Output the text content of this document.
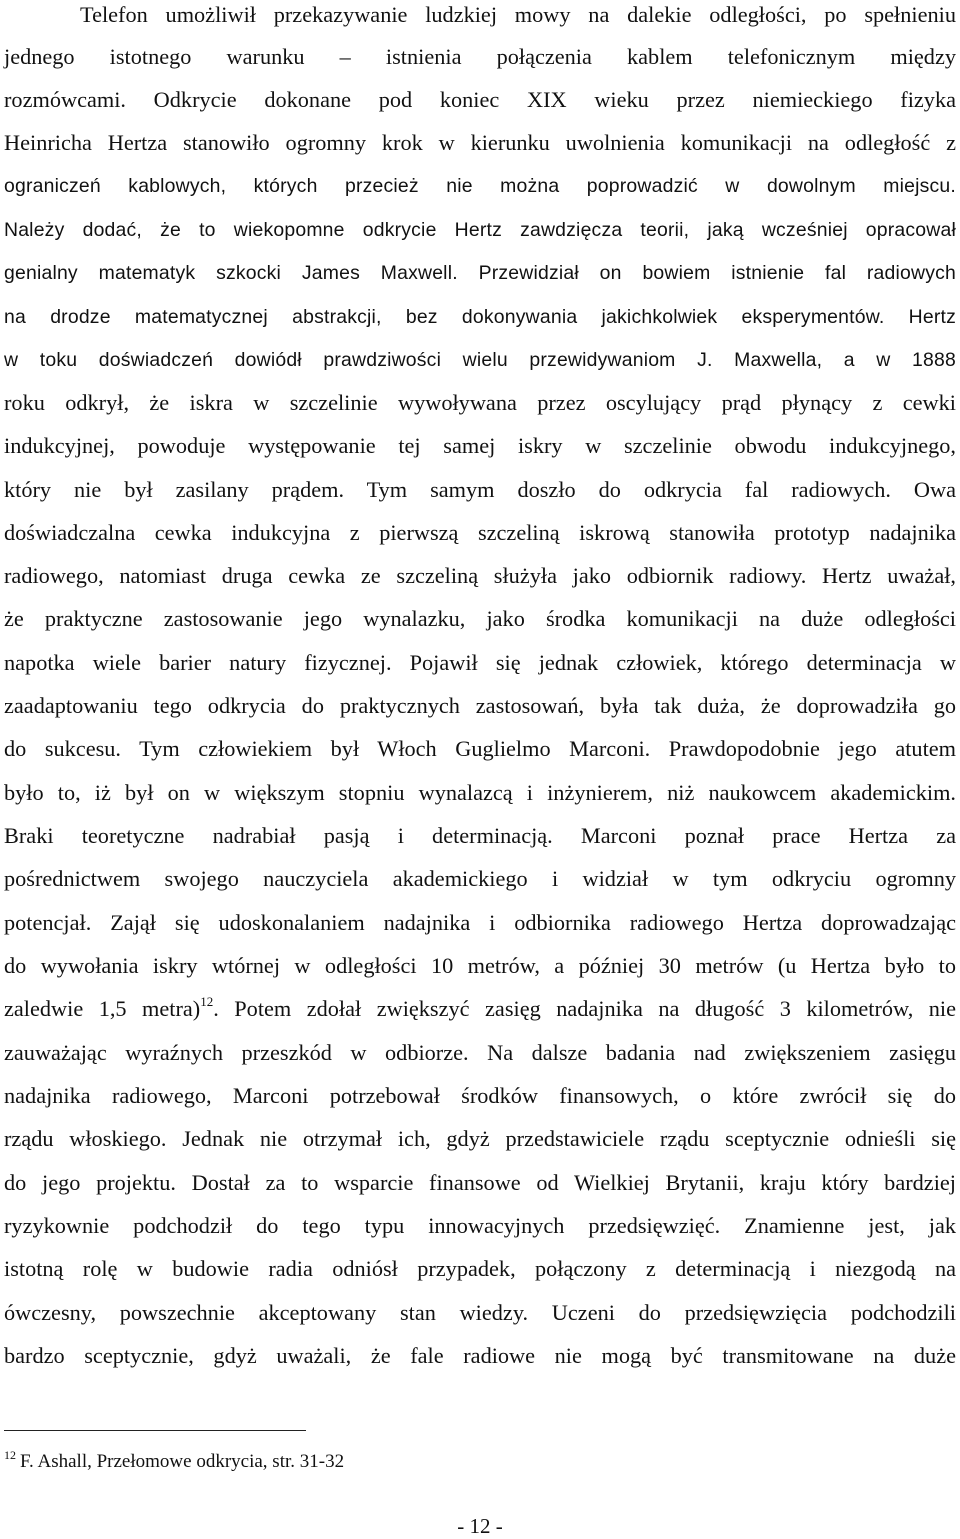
Telefon umożliwił przekazywanie ludzkiej mowy na dalekie odległości, po spełnieniu
jednego istotnego warunku – istnienia połączenia kablem telefonicznym między
rozmówcami. Odkrycie dokonane pod koniec XIX wieku przez niemieckiego fizyka
Heinricha Hertza stanowiło ogromny krok w kierunku uwolnienia komunikacji na odległość z
ograniczeń kablowych, których przecież nie można poprowadzić w dowolnym miejscu.
Należy dodać, że to wiekopomne odkrycie Hertz zawdzięcza teorii, jaką wcześniej opracował
genialny matematyk szkocki James Maxwell. Przewidział on bowiem istnienie fal radiowych
na drodze matematycznej abstrakcji, bez dokonywania jakichkolwiek eksperymentów. Hertz
w toku doświadczeń dowiódł prawdziwości wielu przewidywaniom J. Maxwella, a w 1888
roku odkrył, że iskra w szczelinie wywoływana przez oscylujący prąd płynący z cewki
indukcyjnej, powoduje występowanie tej samej iskry w szczelinie obwodu indukcyjnego,
który nie był zasilany prądem. Tym samym doszło do odkrycia fal radiowych. Owa
doświadczalna cewka indukcyjna z pierwszą szczeliną iskrową stanowiła prototyp nadajnika
radiowego, natomiast druga cewka ze szczeliną służyła jako odbiornik radiowy. Hertz uważał,
że praktyczne zastosowanie jego wynalazku, jako środka komunikacji na duże odległości
napotka wiele barier natury fizycznej. Pojawił się jednak człowiek, którego determinacja w
zaadaptowaniu tego odkrycia do praktycznych zastosowań, była tak duża, że doprowadziła go
do sukcesu. Tym człowiekiem był Włoch Guglielmo Marconi. Prawdopodobnie jego atutem
było to, iż był on w większym stopniu wynalazcą i inżynierem, niż naukowcem akademickim.
Braki teoretyczne nadrabiał pasją i determinacją. Marconi poznał prace Hertza za
pośrednictwem swojego nauczyciela akademickiego i widział w tym odkryciu ogromny
potencjał. Zajął się udoskonalaniem nadajnika i odbiornika radiowego Hertza doprowadzając
do wywołania iskry wtórnej w odległości 10 metrów, a później 30 metrów (u Hertza było to
zaledwie 1,5 metra)$^{12}$. Potem zdołał zwiększyć zasięg nadajnika na długość 3 kilometrów, nie
zauważając wyraźnych przeszkód w odbiorze. Na dalsze badania nad zwiększeniem zasięgu
nadajnika radiowego, Marconi potrzebował środków finansowych, o które zwrócił się do
rządu włoskiego. Jednak nie otrzymał ich, gdyż przedstawiciele rządu sceptycznie odnieśli się
do jego projektu. Dostał za to wsparcie finansowe od Wielkiej Brytanii, kraju który bardziej
ryzykownie podchodził do tego typu innowacyjnych przedsięwzięć. Znamienne jest, jak
istotną rolę w budowie radia odniósł przypadek, połączony z determinacją i niezgodą na
ówczesny, powszechnie akceptowany stan wiedzy. Uczeni do przedsięwzięcia podchodzili
bardzo sceptycznie, gdyż uważali, że fale radiowe nie mogą być transmitowane na duże
$^{12}$ F. Ashall, Przełomowe odkrycia, str. 31-32
- 12 -
